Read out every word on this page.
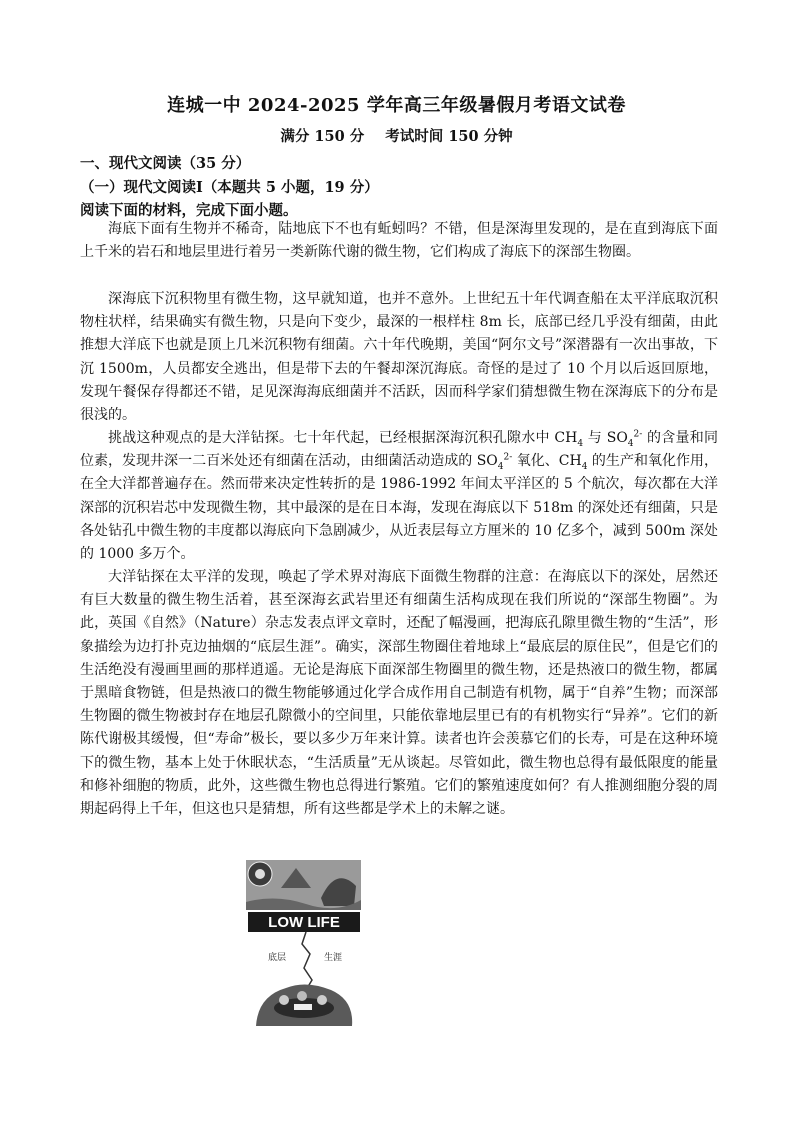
连城一中 2024-2025 学年高三年级暑假月考语文试卷
满分 150 分 考试时间 150 分钟
一、现代文阅读（35 分）
（一）现代文阅读Ⅰ（本题共 5 小题，19 分）
阅读下面的材料，完成下面小题。

海底下面有生物并不稀奇，陆地底下不也有蚯蚓吗？不错，但是深海里发现的，是在直到海底下面上千米的岩石和地层里进行着另一类新陈代谢的微生物，它们构成了海底下的深部生物圈。

深海底下沉积物里有微生物，这早就知道，也并不意外。上世纪五十年代调查船在太平洋底取沉积物柱状样，结果确实有微生物，只是向下变少，最深的一根样柱 8m 长，底部已经几乎没有细菌，由此推想大洋底下也就是顶上几米沉积物有细菌。六十年代晚期，美国“阿尔文号”深潜器有一次出事故，下沉 1500m，人员都安全逃出，但是带下去的午餐却深沉海底。奇怪的是过了 10 个月以后返回原地，发现午餐保存得都还不错，足见深海海底细菌并不活跃，因而科学家们猜想微生物在深海底下的分布是很浅的。

挑战这种观点的是大洋钻探。七十年代起，已经根据深海沉积孔隙水中 $CH_4$ 与 $SO_4^{2-}$ 的含量和同位素，发现井深一二百米处还有细菌在活动，由细菌活动造成的 $SO_4^{2-}$ 氧化、$CH_4$ 的生产和氧化作用，在全大洋都普遍存在。然而带来决定性转折的是 1986-1992 年间太平洋区的 5 个航次，每次都在大洋深部的沉积岩芯中发现微生物，其中最深的是在日本海，发现在海底以下 518m 的深处还有细菌，只是各处钻孔中微生物的丰度都以海底向下急剧减少，从近表层每立方厘米的 10 亿多个，减到 500m 深处的 1000 多万个。

大洋钻探在太平洋的发现，唤起了学术界对海底下面微生物群的注意：在海底以下的深处，居然还有巨大数量的微生物生活着，甚至深海玄武岩里还有细菌生活构成现在我们所说的“深部生物圈”。为此，英国《自然》（Nature）杂志发表点评文章时，还配了幅漫画，把海底孔隙里微生物的“生活”，形象描绘为边打扑克边抽烟的“底层生涯”。确实，深部生物圈住着地球上“最底层的原住民”，但是它们的生活绝没有漫画里画的那样逍遥。无论是海底下面深部生物圈里的微生物，还是热液口的微生物，都属于黑暗食物链，但是热液口的微生物能够通过化学合成作用自己制造有机物，属于“自养”生物；而深部生物圈的微生物被封存在地层孔隙微小的空间里，只能依靠地层里已有的有机物实行“异养”。它们的新陈代谢极其缓慢，但“寿命”极长，要以多少万年来计算。读者也许会羡慕它们的长寿，可是在这种环境下的微生物，基本上处于休眠状态，“生活质量”无从谈起。尽管如此，微生物也总得有最低限度的能量和修补细胞的物质，此外，这些微生物也总得进行繁殖。它们的繁殖速度如何？有人推测细胞分裂的周期起码得上千年，但这也只是猜想，所有这些都是学术上的未解之谜。

LOW LIFE
底层	生涯
